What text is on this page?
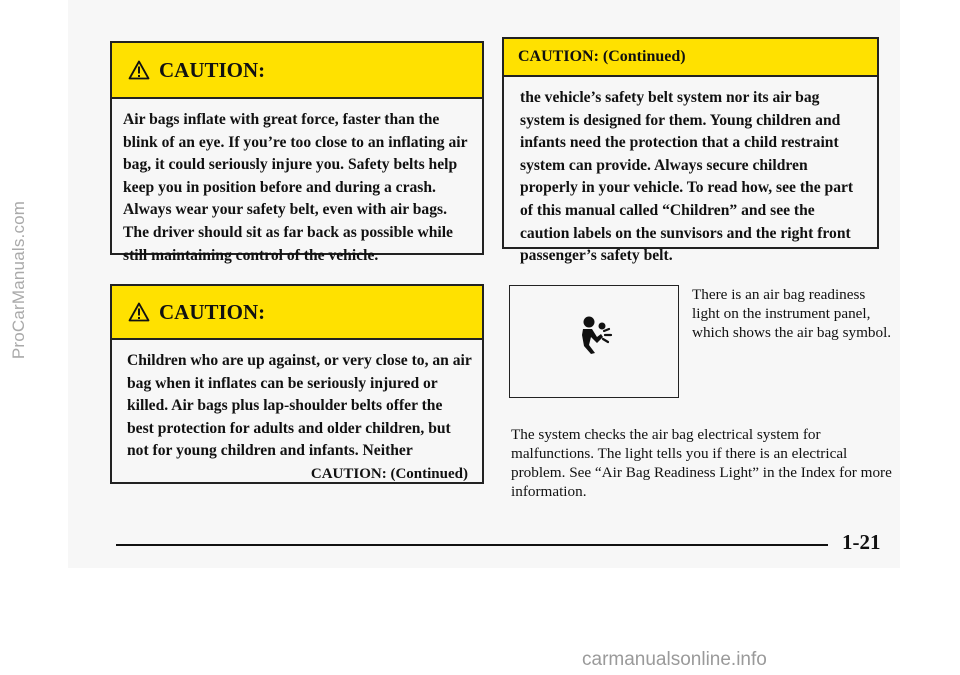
ProCarManuals.com
CAUTION:
Air bags inflate with great force, faster than the blink of an eye. If you’re too close to an inflating air bag, it could seriously injure you. Safety belts help keep you in position before and during a crash. Always wear your safety belt, even with air bags. The driver should sit as far back as possible while still maintaining control of the vehicle.
CAUTION: (Continued)
the vehicle’s safety belt system nor its air bag system is designed for them. Young children and infants need the protection that a child restraint system can provide. Always secure children properly in your vehicle. To read how, see the part of this manual called “Children” and see the caution labels on the sunvisors and the right front passenger’s safety belt.
CAUTION:
Children who are up against, or very close to, an air bag when it inflates can be seriously injured or killed. Air bags plus lap-shoulder belts offer the best protection for adults and older children, but not for young children and infants. Neither
CAUTION: (Continued)
There is an air bag readiness light on the instrument panel, which shows the air bag symbol.
The system checks the air bag electrical system for malfunctions. The light tells you if there is an electrical problem. See “Air Bag Readiness Light” in the Index for more information.
1-21
carmanualsonline.info
